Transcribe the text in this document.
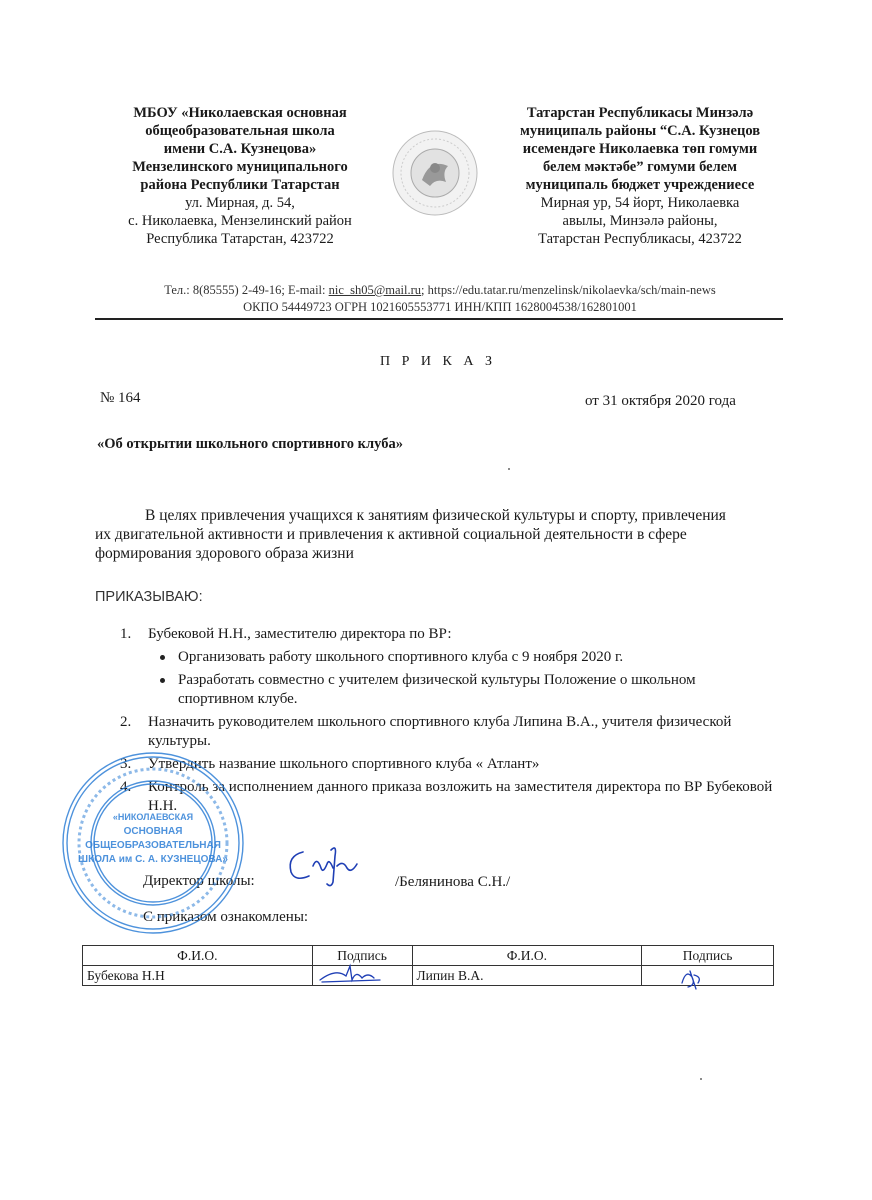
МБОУ «Николаевская основная
общеобразовательная школа
имени С.А. Кузнецова»
Мензелинского муниципального
района Республики Татарстан
ул. Мирная, д. 54,
с. Николаевка, Мензелинский район
Республика Татарстан, 423722
Татарстан Республикасы Минзәлә
муниципаль районы “С.А. Кузнецов
исемендәге Николаевка төп гомуми
белем мәктәбе” гомуми белем
муниципаль бюджет учреждениесе
Мирная ур, 54 йорт, Николаевка
авылы, Минзәлә районы,
Татарстан Республикасы, 423722
Тел.: 8(85555) 2-49-16; E-mail: nic_sh05@mail.ru; https://edu.tatar.ru/menzelinsk/nikolaevka/sch/main-news
ОКПО 54449723 ОГРН 1021605553771 ИНН/КПП 1628004538/162801001
П Р И К А З
№ 164	от 31 октября 2020 года
«Об открытии школьного спортивного клуба»
В целях привлечения учащихся к занятиям физической культуры и спорту, привлечения их двигательной активности и привлечения к активной социальной деятельности в сфере формирования здорового образа жизни
ПРИКАЗЫВАЮ:
1. Бубековой Н.Н., заместителю директора по ВР:
Организовать работу школьного спортивного клуба с 9 ноября 2020 г.
Разработать совместно с учителем физической культуры Положение о школьном спортивном клубе.
2. Назначить руководителем школьного спортивного клуба Липина В.А., учителя физической культуры.
3. Утвердить название школьного спортивного клуба « Атлант»
4. Контроль за исполнением данного приказа возложить на заместителя директора по ВР Бубековой Н.Н.
Директор школы:	/Белянинова С.Н./
С приказом ознакомлены:
Ф.И.О.	Подпись	Ф.И.О.	Подпись
Бубекова Н.Н		Липин В.А.	
«НИКОЛАЕВСКАЯ
ОСНОВНАЯ
ОБЩЕОБРАЗОВАТЕЛЬНАЯ
ШКОЛА им С. А. КУЗНЕЦОВА»
